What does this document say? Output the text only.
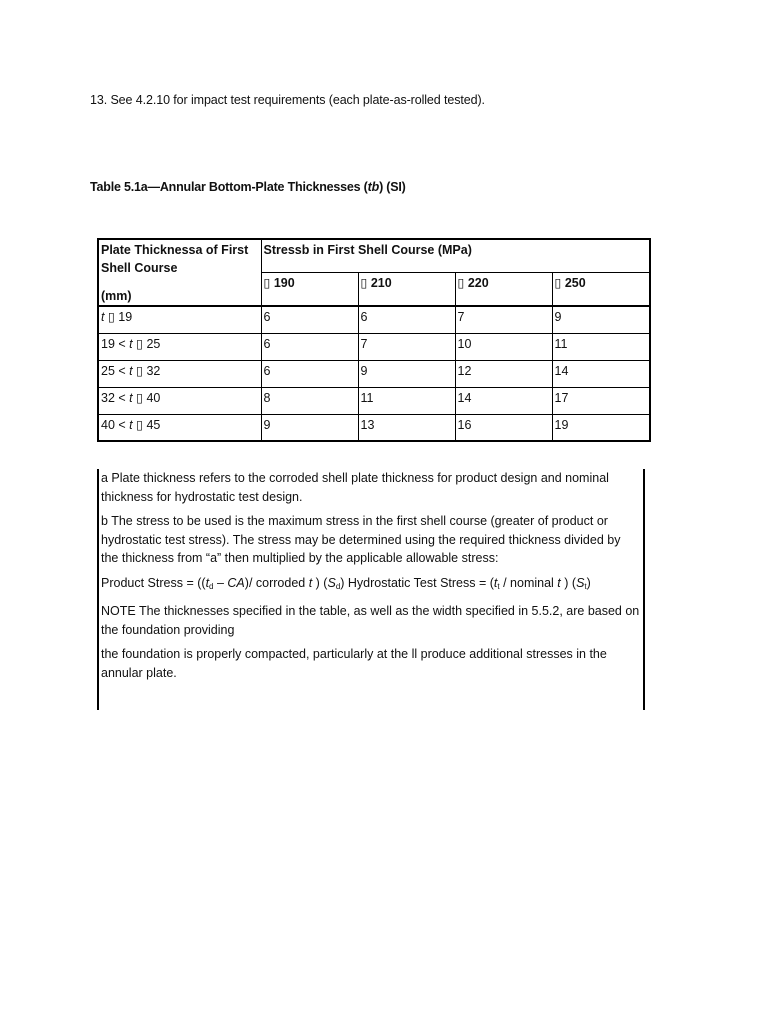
13. See 4.2.10 for impact test requirements (each plate-as-rolled tested).
Table 5.1a—Annular Bottom-Plate Thicknesses (tb) (SI)
Plate Thicknessa of First
Shell Course
(mm)	Stressb in First Shell Course (MPa)			
	▯ 190	▯ 210	▯ 220	▯ 250
t ▯ 19	6	6	7	9
19 < t ▯ 25	6	7	10	11
25 < t ▯ 32	6	9	12	14
32 < t ▯ 40	8	11	14	17
40 < t ▯ 45	9	13	16	19

a Plate thickness refers to the corroded shell plate thickness for product design and nominal thickness for hydrostatic test design.

b The stress to be used is the maximum stress in the first shell course (greater of product or hydrostatic test stress). The stress may be determined using the required thickness divided by the thickness from “a” then multiplied by the applicable allowable stress:

Product Stress = ($(t_d - CA)/$ corroded t ) $(S_d)$ Hydrostatic Test Stress = ($t_t$ / nominal t ) $(S_t)$

NOTE The thicknesses specified in the table, as well as the width specified in 5.5.2, are based on the foundation providing

the foundation is properly compacted, particularly at the ll produce additional stresses in the annular plate.
